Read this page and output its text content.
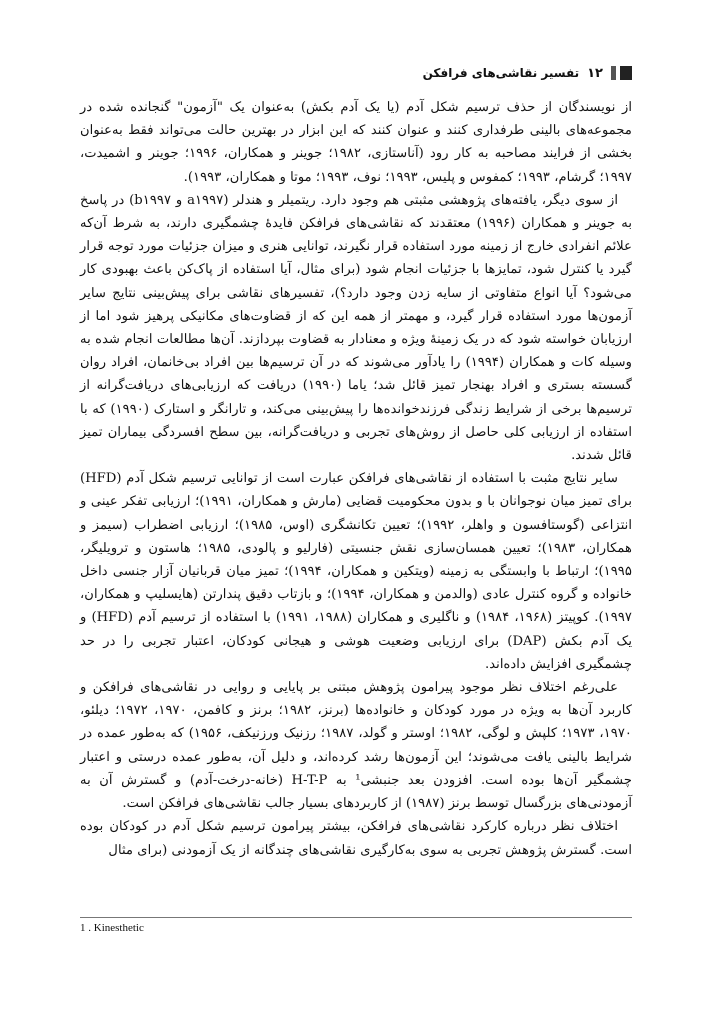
۱۲
تفسیر نقاشی‌های فرافکن

از نویسندگان از حذف ترسیم شکل آدم (یا یک آدم بکش) به‌عنوان یک "آزمون" گنجانده شده در مجموعه‌های بالینی طرفداری کنند و عنوان کنند که این ابزار در بهترین حالت می‌تواند فقط به‌عنوان بخشی از فرایند مصاحبه به کار رود (آناستازی، ۱۹۸۲؛ جوینر و همکاران، ۱۹۹۶؛ جوینر و اشمیدت، ۱۹۹۷؛ گرشام، ۱۹۹۳؛ کمفوس و پلیس، ۱۹۹۳؛ نوف، ۱۹۹۳؛ موتا و همکاران، ۱۹۹۳).

از سوی دیگر، یافته‌های پژوهشی مثبتی هم وجود دارد. ریتمیلر و هندلر (a۱۹۹۷ و b۱۹۹۷) در پاسخ به جوینر و همکاران (۱۹۹۶) معتقدند که نقاشی‌های فرافکن فایدهٔ چشمگیری دارند، به شرط آن‌که علائم انفرادی خارج از زمینه مورد استفاده قرار نگیرند، توانایی هنری و میزان جزئیات مورد توجه قرار گیرد یا کنترل شود، تمایزها با جزئیات انجام شود (برای مثال، آیا استفاده از پاک‌کن باعث بهبودی کار می‌شود؟ آیا انواع متفاوتی از سایه زدن وجود دارد؟)، تفسیرهای نقاشی برای پیش‌بینی نتایج سایر آزمون‌ها مورد استفاده قرار گیرد، و مهمتر از همه این که از قضاوت‌های مکانیکی پرهیز شود اما از ارزیابان خواسته شود که در یک زمینهٔ ویژه و معنادار به قضاوت بپردازند. آن‌ها مطالعات انجام شده به وسیله کات و همکاران (۱۹۹۴) را یادآور می‌شوند که در آن ترسیم‌ها بین افراد بی‌خانمان، افراد روان گسسته بستری و افراد بهنجار تمیز قائل شد؛ یاما (۱۹۹۰) دریافت که ارزیابی‌های دریافت‌گرانه از ترسیم‌ها برخی از شرایط زندگی فرزندخوانده‌ها را پیش‌بینی می‌کند، و تارانگر و استارک (۱۹۹۰) که با استفاده از ارزیابی کلی حاصل از روش‌های تجربی و دریافت‌گرانه، بین سطح افسردگی بیماران تمیز قائل شدند.

سایر نتایج مثبت با استفاده از نقاشی‌های فرافکن عبارت است از توانایی ترسیم شکل آدم (HFD) برای تمیز میان نوجوانان با و بدون محکومیت قضایی (مارش و همکاران، ۱۹۹۱)؛ ارزیابی تفکر عینی و انتزاعی (گوستافسون و واهلر، ۱۹۹۲)؛ تعیین تکانشگری (اوس، ۱۹۸۵)؛ ارزیابی اضطراب (سیمز و همکاران، ۱۹۸۳)؛ تعیین همسان‌سازی نقش جنسیتی (فارلیو و پالودی، ۱۹۸۵؛ هاستون و ترویلیگر، ۱۹۹۵)؛ ارتباط با وابستگی به زمینه (ویتکین و همکاران، ۱۹۹۴)؛ تمیز میان قربانیان آزار جنسی داخل خانواده و گروه کنترل عادی (والدمن و همکاران، ۱۹۹۴)؛ و بازتاب دقیق پندارتن (هایسلیپ و همکاران، ۱۹۹۷). کوپیتز (۱۹۶۸، ۱۹۸۴) و ناگلیری و همکاران (۱۹۸۸، ۱۹۹۱) با استفاده از ترسیم آدم (HFD) و یک آدم بکش (DAP) برای ارزیابی وضعیت هوشی و هیجانی کودکان، اعتبار تجربی را در حد چشمگیری افزایش داده‌اند.

علی‌رغم اختلاف نظر موجود پیرامون پژوهش مبتنی بر پایایی و روایی در نقاشی‌های فرافکن و کاربرد آن‌ها به ویژه در مورد کودکان و خانواده‌ها (برنز، ۱۹۸۲؛ برنز و کافمن، ۱۹۷۰، ۱۹۷۲؛ دیلئو، ۱۹۷۰، ۱۹۷۳؛ کلپش و لوگی، ۱۹۸۲؛ اوستر و گولد، ۱۹۸۷؛ رزنیک ورزنیکف، ۱۹۵۶) که به‌طور عمده در شرایط بالینی یافت می‌شوند؛ این آزمون‌ها رشد کرده‌اند، و دلیل آن، به‌طور عمده درستی و اعتبار چشمگیر آن‌ها بوده است. افزودن بعد جنبشی¹ به H-T-P (خانه-درخت-آدم) و گسترش آن به آزمودنی‌های بزرگسال توسط برنز (۱۹۸۷) از کاربردهای بسیار جالب نقاشی‌های فرافکن است.

اختلاف نظر درباره کارکرد نقاشی‌های فرافکن، بیشتر پیرامون ترسیم شکل آدم در کودکان بوده است. گسترش پژوهش تجربی به سوی به‌کارگیری نقاشی‌های چندگانه از یک آزمودنی (برای مثال

1 . Kinesthetic
